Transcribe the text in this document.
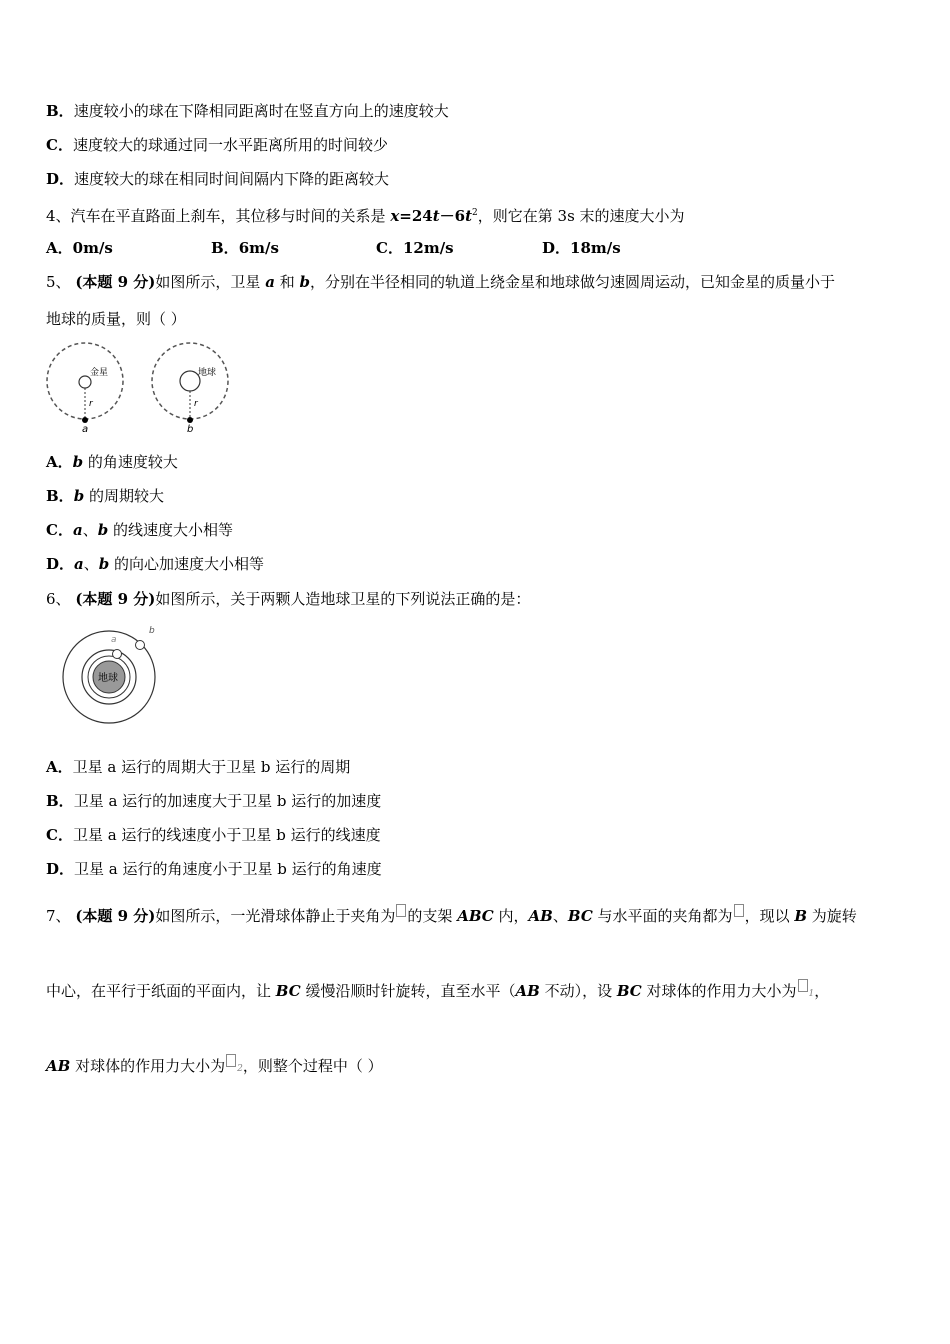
B．速度较小的球在下降相同距离时在竖直方向上的速度较大
C．速度较大的球通过同一水平距离所用的时间较少
D．速度较大的球在相同时间间隔内下降的距离较大
4、汽车在平直路面上刹车，其位移与时间的关系是 $x=24t-6t^2$，则它在第 3s 末的速度大小为
A．0m/s	B．6m/s	C．12m/s	D．18m/s
5、 (本题 9 分)如图所示，卫星 a 和 b，分别在半径相同的轨道上绕金星和地球做匀速圆周运动，已知金星的质量小于
地球的质量，则（ ）
金星
r
a
地球
r
b
A．b 的角速度较大
B．b 的周期较大
C．a、b 的线速度大小相等
D．a、b 的向心加速度大小相等
6、 (本题 9 分)如图所示，关于两颗人造地球卫星的下列说法正确的是：
地球
a
b
A．卫星 a 运行的周期大于卫星 b 运行的周期
B．卫星 a 运行的加速度大于卫星 b 运行的加速度
C．卫星 a 运行的线速度小于卫星 b 运行的线速度
D．卫星 a 运行的角速度小于卫星 b 运行的角速度
7、 (本题 9 分)如图所示，一光滑球体静止于夹角为 的支架 ABC 内，AB、BC 与水平面的夹角都为 ，现以 B 为旋转
中心，在平行于纸面的平面内，让 BC 缓慢沿顺时针旋转，直至水平（AB 不动），设 BC 对球体的作用力大小为 1，
AB 对球体的作用力大小为 2，则整个过程中（ ）
